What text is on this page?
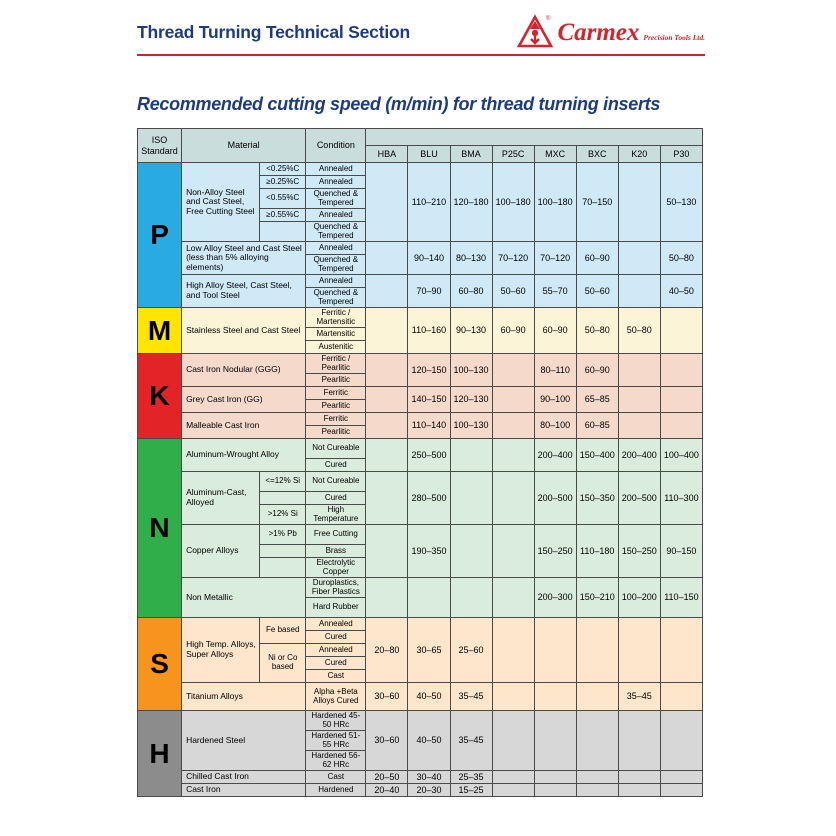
Thread Turning Technical Section
® Carmex Precision Tools Ltd.
Recommended cutting speed (m/min) for thread turning inserts
ISO Standard	Material		Condition								
				HBA	BLU	BMA	P25C	MXC	BXC	K20	P30
P	Non-Alloy Steel and Cast Steel, Free Cutting Steel	<0.25%C	Annealed		110–210	120–180	100–180	100–180	70–150		50–130
		≥0.25%C	Annealed								
		<0.55%C	Quenched & Tempered								
		≥0.55%C	Annealed								
			Quenched & Tempered								
	Low Alloy Steel and Cast Steel (less than 5% alloying elements)		Annealed		90–140	80–130	70–120	70–120	60–90		50–80
			Quenched & Tempered								
	High Alloy Steel, Cast Steel, and Tool Steel		Annealed		70–90	60–80	50–60	55–70	50–60		40–50
			Quenched & Tempered								
M	Stainless Steel and Cast Steel		Ferritic / Martensitic		110–160	90–130	60–90	60–90	50–80	50–80	
			Martensitic								
			Austenitic								
K	Cast Iron Nodular (GGG)		Ferritic / Pearlitic		120–150	100–130		80–110	60–90		
			Pearlitic								
	Grey Cast Iron (GG)		Ferritic		140–150	120–130		90–100	65–85		
			Pearlitic								
	Malleable Cast Iron		Ferritic		110–140	100–130		80–100	60–85		
			Pearlitic								
N	Aluminum-Wrought Alloy		Not Cureable		250–500			200–400	150–400	200–400	100–400
			Cured								
	Aluminum-Cast, Alloyed	<=12% Si	Not Cureable		280–500			200–500	150–350	200–500	110–300
			Cured								
		>12% Si	High Temperature								
	Copper Alloys	>1% Pb	Free Cutting		190–350			150–250	110–180	150–250	90–150
			Brass								
			Electrolytic Copper								
	Non Metallic		Duroplastics, Fiber Plastics					200–300	150–210	100–200	110–150
			Hard Rubber								
S	High Temp. Alloys, Super Alloys	Fe based	Annealed	20–80	30–65	25–60					
			Cured								
		Ni or Co based	Annealed								
			Cured								
			Cast								
	Titanium Alloys		Alpha +Beta Alloys Cured	30–60	40–50	35–45				35–45	
H	Hardened Steel		Hardened 45-50 HRc	30–60	40–50	35–45					
			Hardened 51-55 HRc								
			Hardened 56-62 HRc								
	Chilled Cast Iron		Cast	20–50	30–40	25–35					
	Cast Iron		Hardened	20–40	20–30	15–25					
